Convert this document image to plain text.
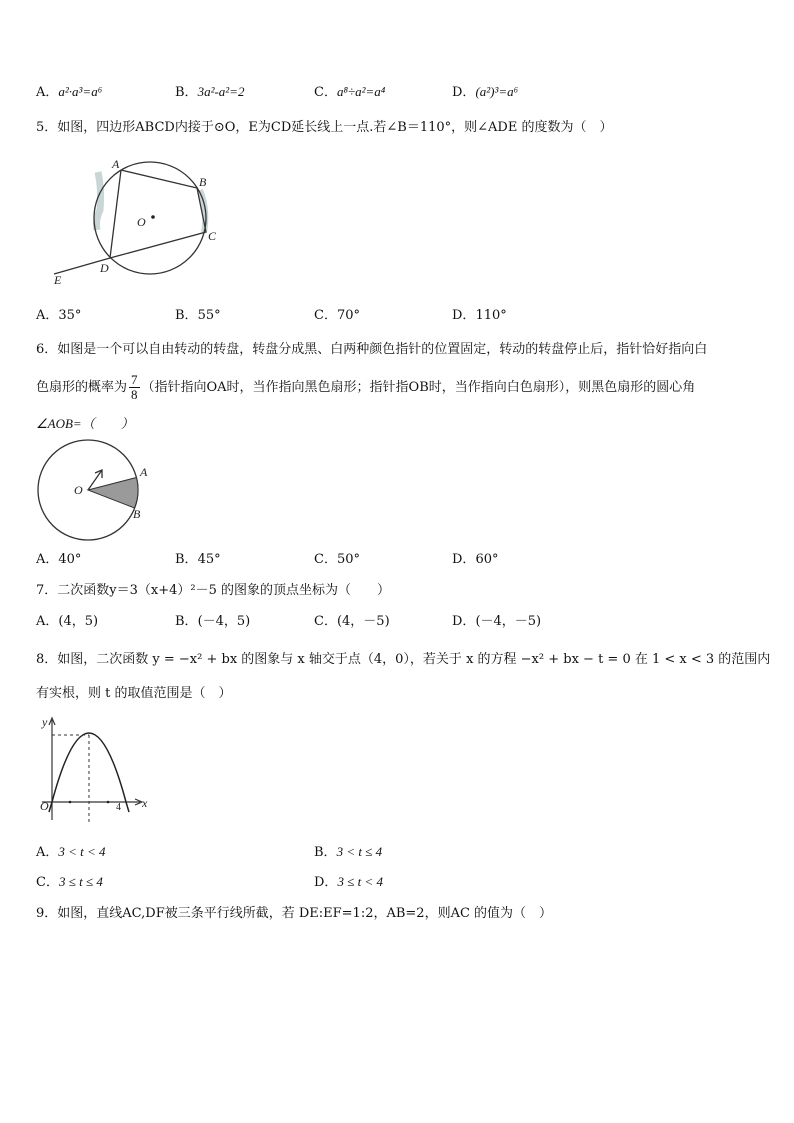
A．a²·a³=a⁶	B．3a²-a²=2	C．a⁸÷a²=a⁴	D．(a²)³=a⁶
5．如图，四边形ABCD内接于⊙O，E为CD延长线上一点.若∠B＝110°，则∠ADE 的度数为（　）
A
B
C
D
E
O
A．35°	B．55°	C．70°	D．110°
6．如图是一个可以自由转动的转盘，转盘分成黑、白两种颜色指针的位置固定，转动的转盘停止后，指针恰好指向白
色扇形的概率为 $\frac{7}{8}$ （指针指向OA时，当作指向黑色扇形；指针指OB时，当作指向白色扇形），则黑色扇形的圆心角
∠AOB=（　　）
O
A
B
A．40°	B．45°	C．50°	D．60°
7．二次函数y＝3（x+4）²－5 的图象的顶点坐标为（　　）
A．(4，5)	B．(－4，5)	C．(4，－5)	D．(－4，－5)
8．如图，二次函数 y = −x² + bx 的图象与 x 轴交于点（4，0），若关于 x 的方程 −x² + bx − t = 0 在 1 < x < 3 的范围内
有实根，则 t 的取值范围是（　）
y
x
O	4
A．3 < t < 4	B．3 < t ≤ 4
C．3 ≤ t ≤ 4	D．3 ≤ t < 4
9．如图，直线AC,DF被三条平行线所截，若 DE:EF=1:2，AB=2，则AC 的值为（　）
